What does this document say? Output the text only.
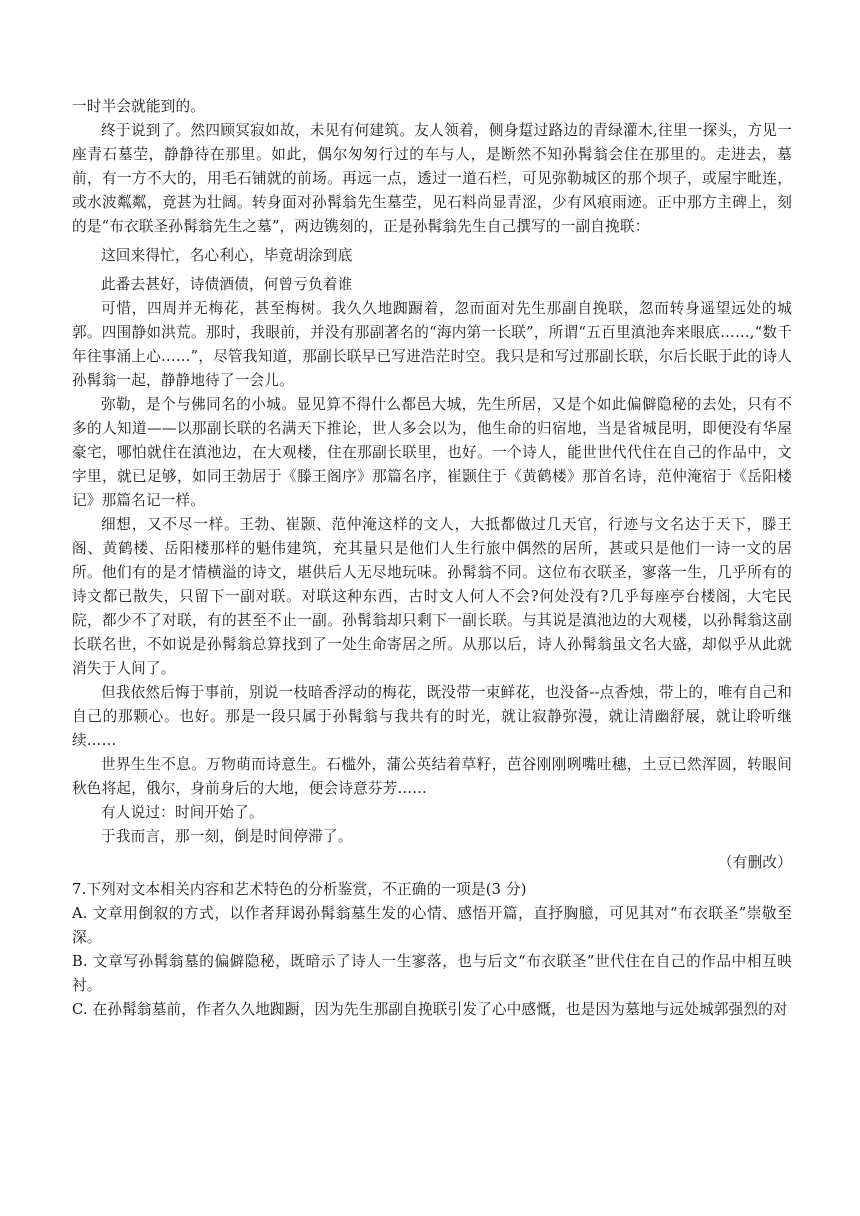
一时半会就能到的。

终于说到了。然四顾冥寂如故，未见有何建筑。友人领着，侧身踅过路边的青绿灌木,往里一探头，方见一座青石墓茔，静静待在那里。如此，偶尔匆匆行过的车与人，是断然不知孙髯翁会住在那里的。走进去，墓前，有一方不大的，用毛石铺就的前场。再远一点，透过一道石栏，可见弥勒城区的那个坝子，或屋宇毗连，或水波粼粼，竟甚为壮阔。转身面对孙髯翁先生墓茔，见石料尚显青涩，少有风痕雨迹。正中那方主碑上，刻的是“布衣联圣孙髯翁先生之墓”，两边镌刻的，正是孙髯翁先生自己撰写的一副自挽联：

这回来得忙，名心利心，毕竟胡涂到底

此番去甚好，诗债酒债，何曾亏负着谁

可惜，四周并无梅花，甚至梅树。我久久地踟蹰着，忽而面对先生那副自挽联，忽而转身遥望远处的城郭。四围静如洪荒。那时，我眼前，并没有那副著名的“海内第一长联”，所谓“五百里滇池奔来眼底……,“数千年往事涌上心……”，尽管我知道，那副长联早已写进浩茫时空。我只是和写过那副长联，尔后长眠于此的诗人孙髯翁一起，静静地待了一会儿。

弥勒，是个与佛同名的小城。显见算不得什么都邑大城，先生所居，又是个如此偏僻隐秘的去处，只有不多的人知道——以那副长联的名满天下推论，世人多会以为，他生命的归宿地，当是省城昆明，即便没有华屋豪宅，哪怕就住在滇池边，在大观楼，住在那副长联里，也好。一个诗人，能世世代代住在自己的作品中，文字里，就已足够，如同王勃居于《滕王阁序》那篇名序，崔颢住于《黄鹤楼》那首名诗，范仲淹宿于《岳阳楼记》那篇名记一样。

细想，又不尽一样。王勃、崔颢、范仲淹这样的文人，大抵都做过几天官，行迹与文名达于天下，滕王阁、黄鹤楼、岳阳楼那样的魁伟建筑，充其量只是他们人生行旅中偶然的居所，甚或只是他们一诗一文的居所。他们有的是才情横溢的诗文，堪供后人无尽地玩味。孙髯翁不同。这位布衣联圣，寥落一生，几乎所有的诗文都已散失，只留下一副对联。对联这种东西，古时文人何人不会?何处没有?几乎每座亭台楼阁，大宅民院，都少不了对联，有的甚至不止一副。孙髯翁却只剩下一副长联。与其说是滇池边的大观楼，以孙髯翁这副长联名世，不如说是孙髯翁总算找到了一处生命寄居之所。从那以后，诗人孙髯翁虽文名大盛，却似乎从此就消失于人间了。

但我依然后悔于事前，别说一枝暗香浮动的梅花，既没带一束鲜花，也没备--点香烛，带上的，唯有自己和自己的那颗心。也好。那是一段只属于孙髯翁与我共有的时光，就让寂静弥漫，就让清幽舒展，就让聆听继续……

世界生生不息。万物萌而诗意生。石槛外，蒲公英结着草籽，芭谷刚刚咧嘴吐穗，土豆已然浑圆，转眼间秋色将起，俄尔，身前身后的大地，便会诗意芬芳……

有人说过：时间开始了。

于我而言，那一刻，倒是时间停滞了。

（有删改）

7.下列对文本相关内容和艺术特色的分析鉴赏，不正确的一项是(3 分)

A. 文章用倒叙的方式，以作者拜谒孙髯翁墓生发的心情、感悟开篇，直抒胸臆，可见其对“布衣联圣”崇敬至深。

B. 文章写孙髯翁墓的偏僻隐秘，既暗示了诗人一生寥落，也与后文“布衣联圣”世代住在自己的作品中相互映衬。

C. 在孙髯翁墓前，作者久久地踟蹰，因为先生那副自挽联引发了心中感慨，也是因为墓地与远处城郭强烈的对
